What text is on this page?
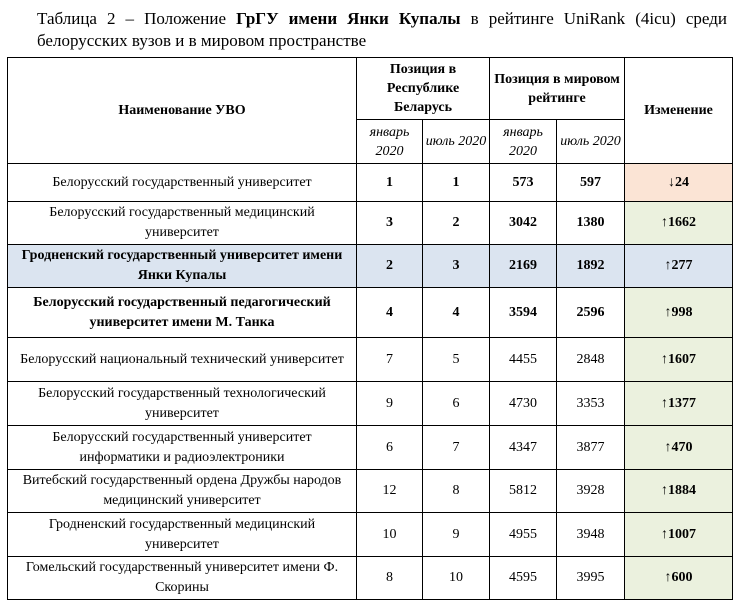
Таблица 2 – Положение ГрГУ имени Янки Купалы в рейтинге UniRank (4icu) среди белорусских вузов и в мировом пространстве
Наименование УВО	Позиция в Республике Беларусь		Позиция в мировом рейтинге		Изменение
	январь 2020	июль 2020	январь 2020	июль 2020	
Белорусский государственный университет	1	1	573	597	↓24
Белорусский государственный медицинский университет	3	2	3042	1380	↑1662
Гродненский государственный университет имени Янки Купалы	2	3	2169	1892	↑277
Белорусский государственный педагогический университет имени М. Танка	4	4	3594	2596	↑998
Белорусский национальный технический университет	7	5	4455	2848	↑1607
Белорусский государственный технологический университет	9	6	4730	3353	↑1377
Белорусский государственный университет информатики и радиоэлектроники	6	7	4347	3877	↑470
Витебский государственный ордена Дружбы народов медицинский университет	12	8	5812	3928	↑1884
Гродненский государственный медицинский университет	10	9	4955	3948	↑1007
Гомельский государственный университет имени Ф. Скорины	8	10	4595	3995	↑600
